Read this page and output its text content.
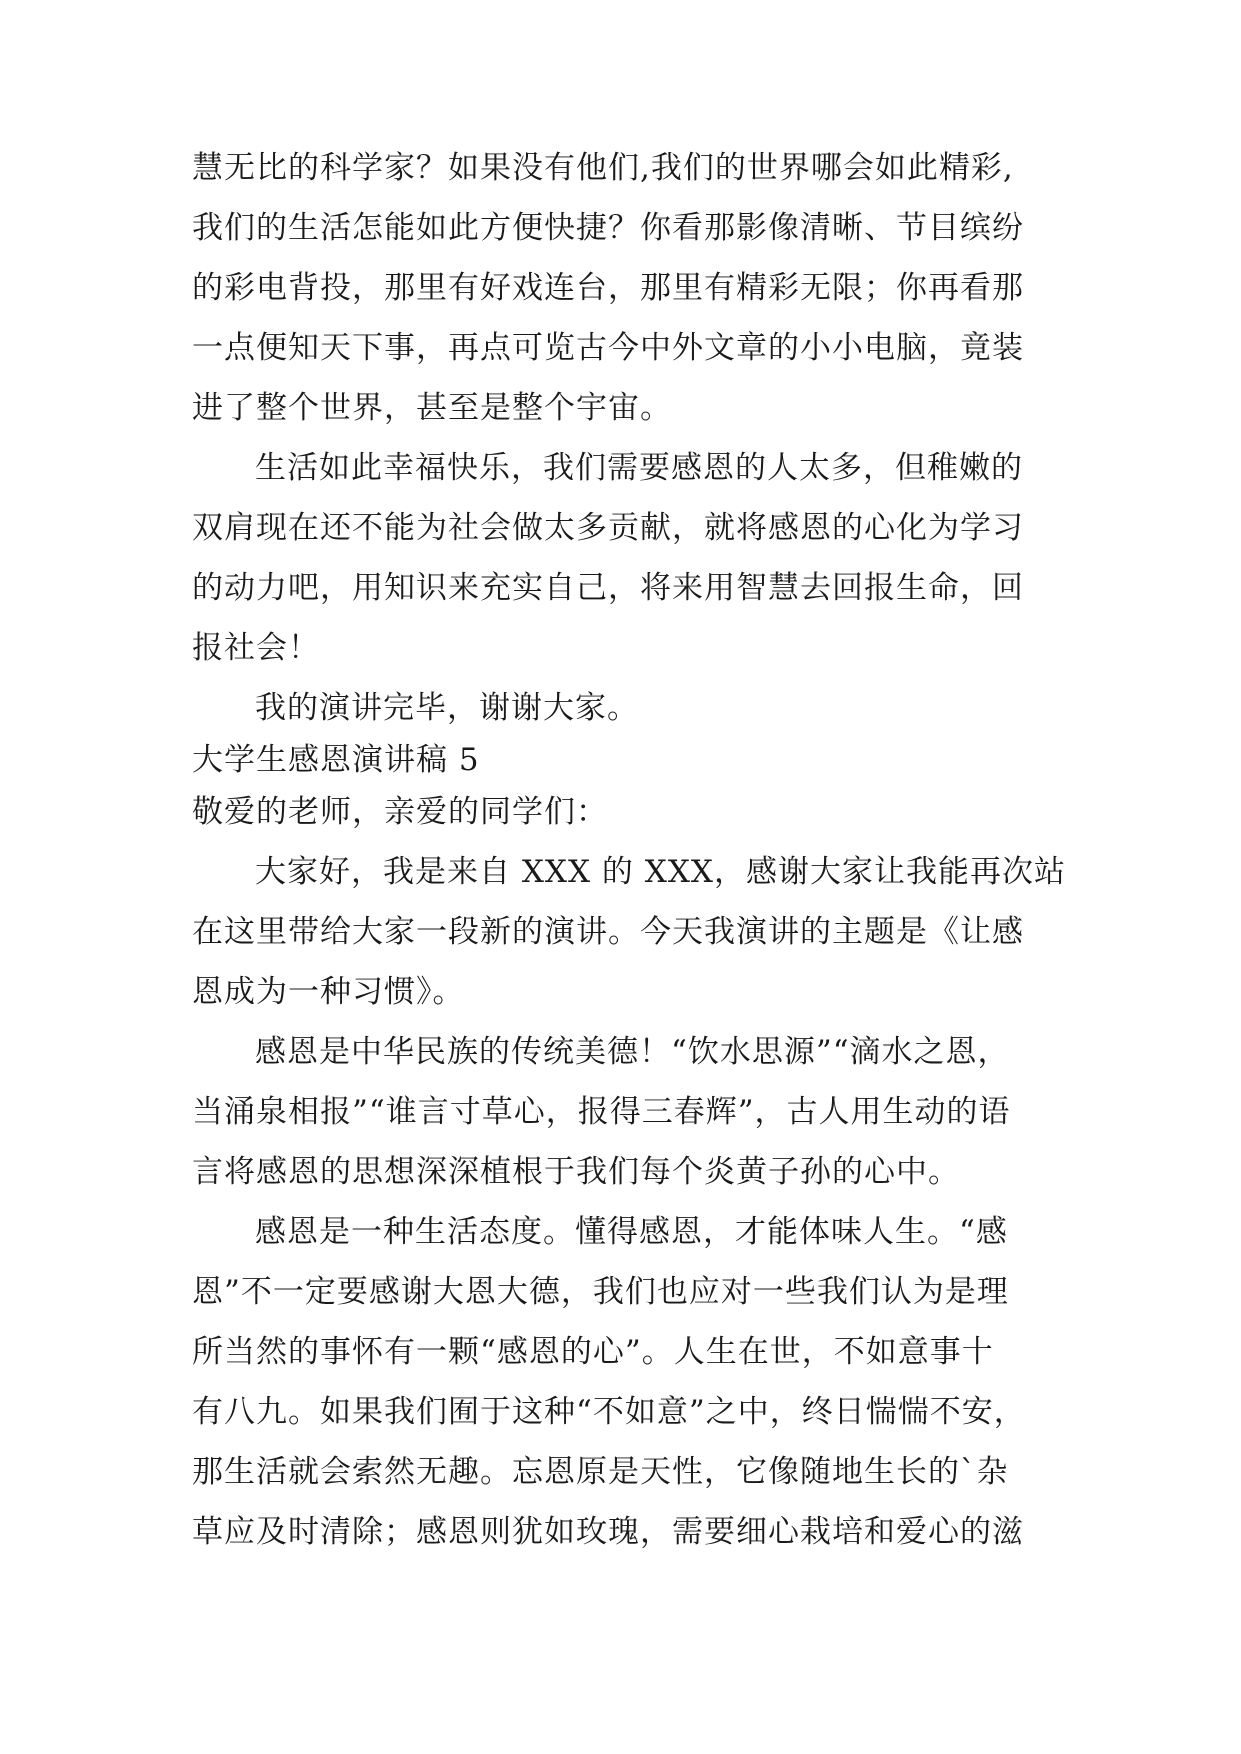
慧无比的科学家？如果没有他们,我们的世界哪会如此精彩,
我们的生活怎能如此方便快捷？你看那影像清晰、节目缤纷
的彩电背投，那里有好戏连台，那里有精彩无限；你再看那
一点便知天下事，再点可览古今中外文章的小小电脑，竟装
进了整个世界，甚至是整个宇宙。
生活如此幸福快乐，我们需要感恩的人太多，但稚嫩的
双肩现在还不能为社会做太多贡献，就将感恩的心化为学习
的动力吧，用知识来充实自己，将来用智慧去回报生命，回
报社会！
我的演讲完毕，谢谢大家。
大学生感恩演讲稿 5
敬爱的老师，亲爱的同学们：
大家好，我是来自 XXX 的 XXX，感谢大家让我能再次站
在这里带给大家一段新的演讲。今天我演讲的主题是《让感
恩成为一种习惯》。
感恩是中华民族的传统美德！“饮水思源”“滴水之恩，
当涌泉相报”“谁言寸草心，报得三春辉”，古人用生动的语
言将感恩的思想深深植根于我们每个炎黄子孙的心中。
感恩是一种生活态度。懂得感恩，才能体味人生。“感
恩”不一定要感谢大恩大德，我们也应对一些我们认为是理
所当然的事怀有一颗“感恩的心”。人生在世，不如意事十
有八九。如果我们囿于这种“不如意”之中，终日惴惴不安，
那生活就会索然无趣。忘恩原是天性，它像随地生长的`杂
草应及时清除；感恩则犹如玫瑰，需要细心栽培和爱心的滋
